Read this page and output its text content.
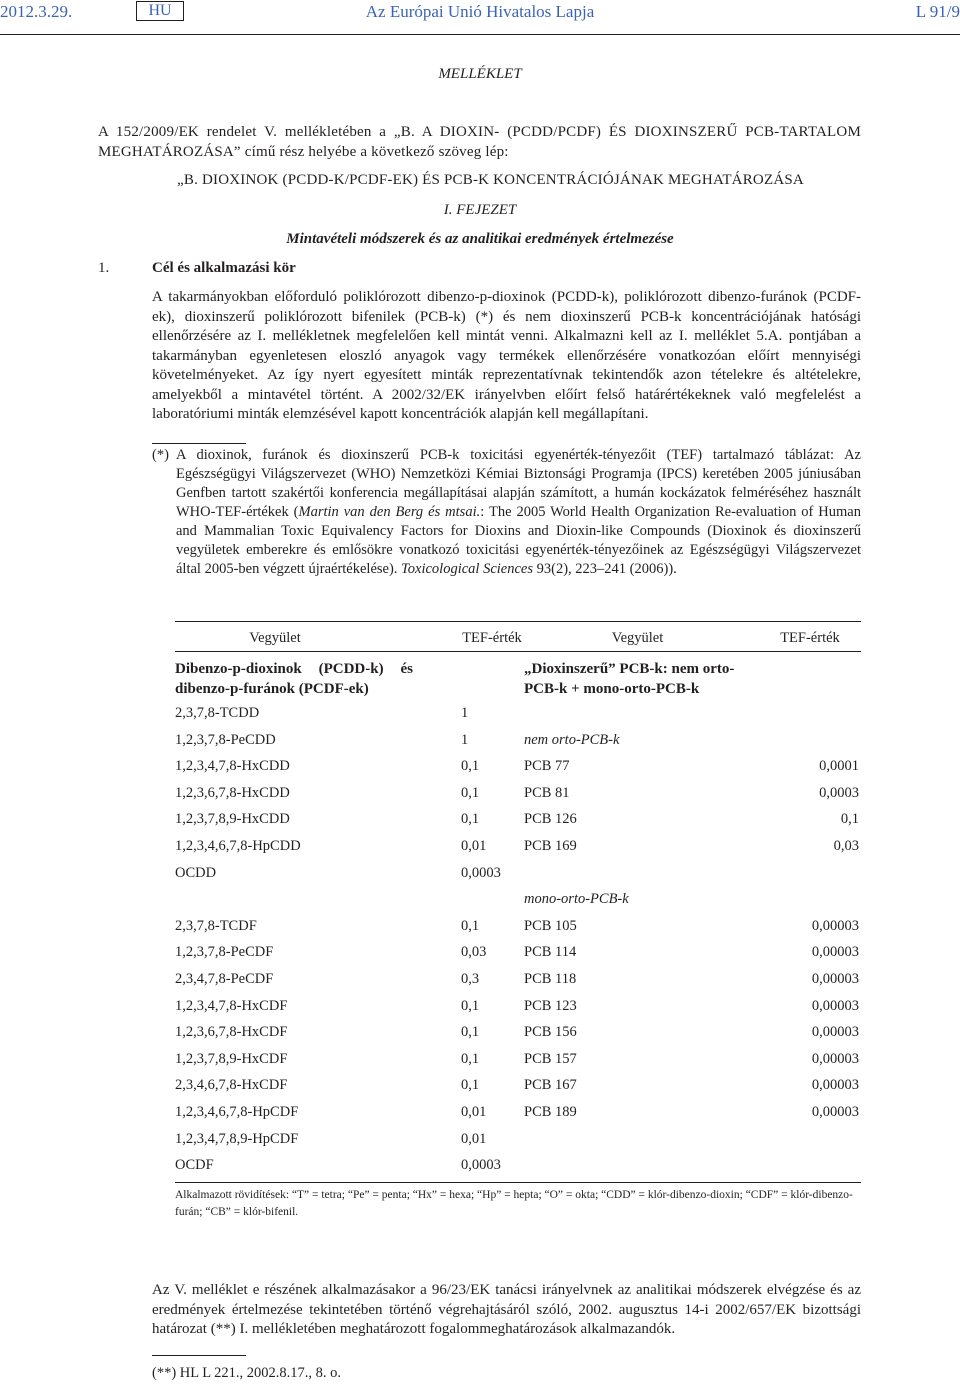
2012.3.29.	HU	Az Európai Unió Hivatalos Lapja	L 91/9
MELLÉKLET
A 152/2009/EK rendelet V. mellékletében a „B. A DIOXIN- (PCDD/PCDF) ÉS DIOXINSZERŰ PCB-TARTALOM MEGHATÁROZÁSA” című rész helyébe a következő szöveg lép:
„B. DIOXINOK (PCDD-K/PCDF-EK) ÉS PCB-K KONCENTRÁCIÓJÁNAK MEGHATÁROZÁSA
I. FEJEZET
Mintavételi módszerek és az analitikai eredmények értelmezése
1.	Cél és alkalmazási kör
A takarmányokban előforduló poliklórozott dibenzo-p-dioxinok (PCDD-k), poliklórozott dibenzo-furánok (PCDF-ek), dioxinszerű poliklórozott bifenilek (PCB-k) (*) és nem dioxinszerű PCB-k koncentrációjának hatósági ellenőrzésére az I. mellékletnek megfelelően kell mintát venni. Alkalmazni kell az I. melléklet 5.A. pontjában a takarmányban egyenletesen eloszló anyagok vagy termékek ellenőrzésére vonatkozóan előírt mennyiségi követelményeket. Az így nyert egyesített minták reprezentatívnak tekintendők azon tételekre és altételekre, amelyekből a mintavétel történt. A 2002/32/EK irányelvben előírt felső határértékeknek való megfelelést a laboratóriumi minták elemzésével kapott koncentrációk alapján kell megállapítani.
(*) A dioxinok, furánok és dioxinszerű PCB-k toxicitási egyenérték-tényezőit (TEF) tartalmazó táblázat: Az Egészségügyi Világszervezet (WHO) Nemzetközi Kémiai Biztonsági Programja (IPCS) keretében 2005 júniusában Genfben tartott szakértői konferencia megállapításai alapján számított, a humán kockázatok felméréséhez használt WHO-TEF-értékek (Martin van den Berg és mtsai.: The 2005 World Health Organization Re-evaluation of Human and Mammalian Toxic Equivalency Factors for Dioxins and Dioxin-like Compounds (Dioxinok és dioxinszerű vegyületek emberekre és emlősökre vonatkozó toxicitási egyenérték-tényezőinek az Egészségügyi Világszervezet által 2005-ben végzett újraértékelése). Toxicological Sciences 93(2), 223–241 (2006)).
Vegyület	TEF-érték	Vegyület	TEF-érték
Dibenzo-p-dioxinok (PCDD-k) és dibenzo-p-furánok (PCDF-ek)
„Dioxinszerű” PCB-k: nem orto-PCB-k + mono-orto-PCB-k
2,3,7,8-TCDD	1
1,2,3,7,8-PeCDD	1	nem orto-PCB-k
1,2,3,4,7,8-HxCDD	0,1	PCB 77	0,0001
1,2,3,6,7,8-HxCDD	0,1	PCB 81	0,0003
1,2,3,7,8,9-HxCDD	0,1	PCB 126	0,1
1,2,3,4,6,7,8-HpCDD	0,01	PCB 169	0,03
OCDD	0,0003
mono-orto-PCB-k
2,3,7,8-TCDF	0,1	PCB 105	0,00003
1,2,3,7,8-PeCDF	0,03	PCB 114	0,00003
2,3,4,7,8-PeCDF	0,3	PCB 118	0,00003
1,2,3,4,7,8-HxCDF	0,1	PCB 123	0,00003
1,2,3,6,7,8-HxCDF	0,1	PCB 156	0,00003
1,2,3,7,8,9-HxCDF	0,1	PCB 157	0,00003
2,3,4,6,7,8-HxCDF	0,1	PCB 167	0,00003
1,2,3,4,6,7,8-HpCDF	0,01	PCB 189	0,00003
1,2,3,4,7,8,9-HpCDF	0,01
OCDF	0,0003
Alkalmazott rövidítések: “T” = tetra; “Pe” = penta; “Hx” = hexa; “Hp” = hepta; “O” = okta; “CDD” = klór-dibenzo-dioxin; “CDF” = klór-dibenzo-furán; “CB” = klór-bifenil.
Az V. melléklet e részének alkalmazásakor a 96/23/EK tanácsi irányelvnek az analitikai módszerek elvégzése és az eredmények értelmezése tekintetében történő végrehajtásáról szóló, 2002. augusztus 14-i 2002/657/EK bizottsági határozat (**) I. mellékletében meghatározott fogalommeghatározások alkalmazandók.
(**) HL L 221., 2002.8.17., 8. o.
